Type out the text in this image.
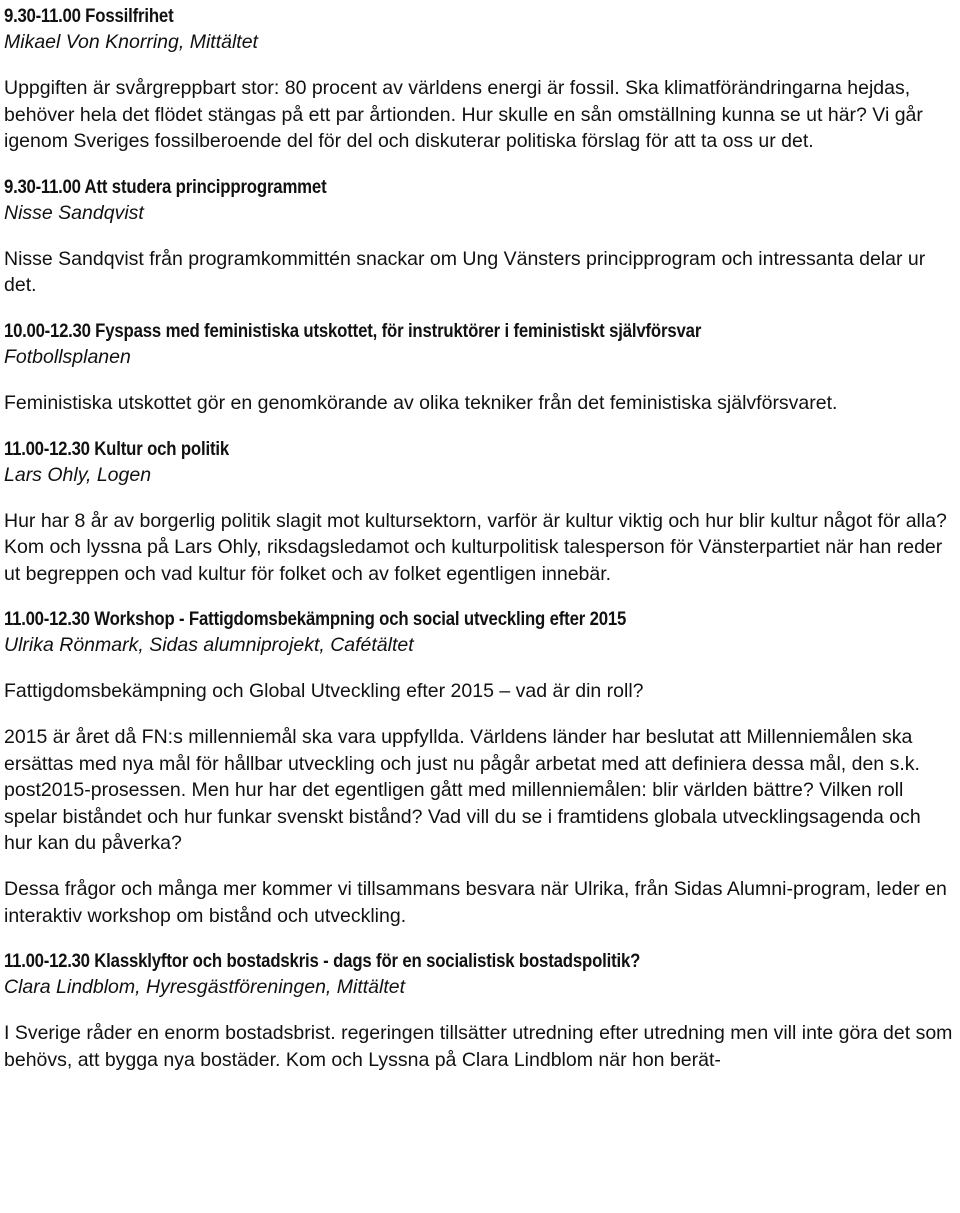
9.30-11.00 Fossilfrihet

Mikael Von Knorring, Mittältet

Uppgiften är svårgreppbart stor: 80 procent av världens energi är fossil. Ska klimatförändringarna hejdas, behöver hela det flödet stängas på ett par årtionden. Hur skulle en sån omställning kunna se ut här? Vi går igenom Sveriges fossilberoende del för del och diskuterar politiska förslag för att ta oss ur det.

9.30-11.00 Att studera principprogrammet

Nisse Sandqvist

Nisse Sandqvist från programkommittén snackar om Ung Vänsters principprogram och intressanta delar ur det.

10.00-12.30 Fyspass med feministiska utskottet, för instruktörer i feministiskt självförsvar

Fotbollsplanen

Feministiska utskottet gör en genomkörande av olika tekniker från det feministiska självförsvaret.

11.00-12.30 Kultur och politik

Lars Ohly, Logen

Hur har 8 år av borgerlig politik slagit mot kultursektorn, varför är kultur viktig och hur blir kultur något för alla? Kom och lyssna på Lars Ohly, riksdagsledamot och kulturpolitisk talesperson för Vänsterpartiet när han reder ut begreppen och vad kultur för folket och av folket egentligen innebär.

11.00-12.30 Workshop - Fattigdomsbekämpning och social utveckling efter 2015

Ulrika Rönmark, Sidas alumniprojekt, Cafétältet

Fattigdomsbekämpning och Global Utveckling efter 2015 – vad är din roll?

2015 är året då FN:s millenniemål ska vara uppfyllda. Världens länder har beslutat att Millenniemålen ska ersättas med nya mål för hållbar utveckling och just nu pågår arbetat med att definiera dessa mål, den s.k. post2015-prosessen. Men hur har det egentligen gått med millenniemålen: blir världen bättre? Vilken roll spelar biståndet och hur funkar svenskt bistånd? Vad vill du se i framtidens globala utvecklingsagenda och hur kan du påverka?

Dessa frågor och många mer kommer vi tillsammans besvara när Ulrika, från Sidas Alumni-program, leder en interaktiv workshop om bistånd och utveckling.

11.00-12.30 Klassklyftor och bostadskris - dags för en socialistisk bostadspolitik?

Clara Lindblom, Hyresgästföreningen, Mittältet

I Sverige råder en enorm bostadsbrist. regeringen tillsätter utredning efter utredning men vill inte göra det som behövs, att bygga nya bostäder. Kom och Lyssna på Clara Lindblom när hon berät-
